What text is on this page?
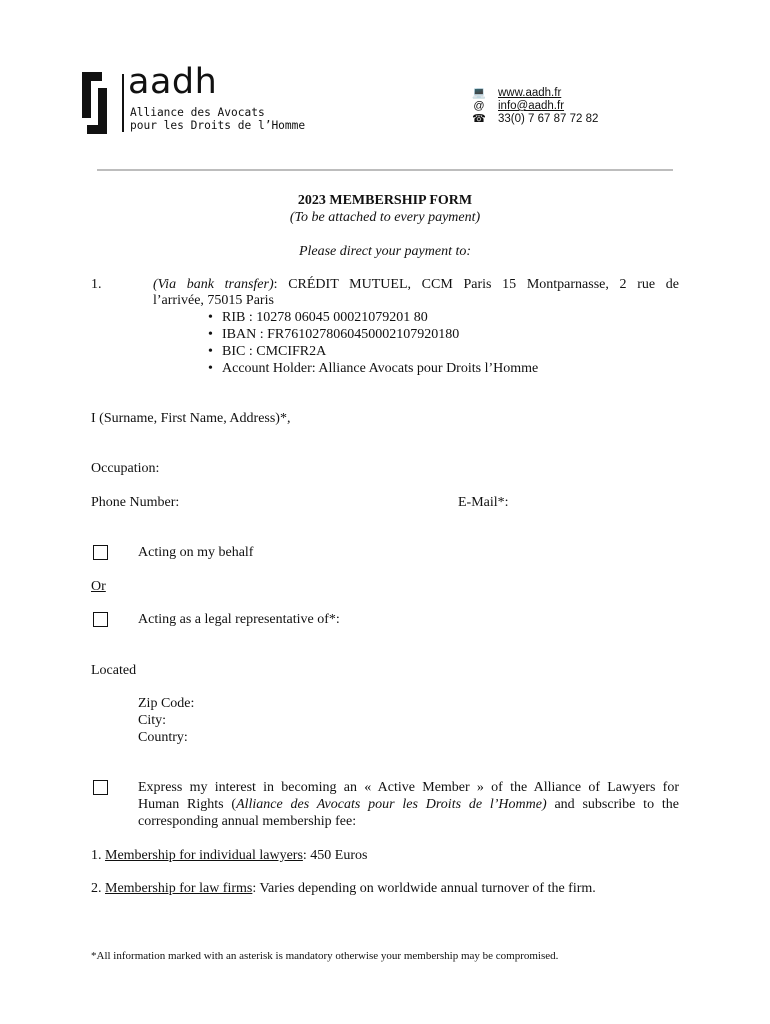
aadh
Alliance des Avocats
pour les Droits de l’Homme
💻	www.aadh.fr
@	info@aadh.fr
☎	33(0) 7 67 87 72 82
2023 MEMBERSHIP FORM
(To be attached to every payment)
Please direct your payment to:
1.	(Via bank transfer): CRÉDIT MUTUEL, CCM Paris 15 Montparnasse, 2 rue de
l’arrivée, 75015 Paris
• RIB : 10278 06045 00021079201 80
• IBAN : FR7610278060450002107920180
• BIC : CMCIFR2A
• Account Holder: Alliance Avocats pour Droits l’Homme
I (Surname, First Name, Address)*,
Occupation:
Phone Number:	E-Mail*:
Acting on my behalf
Or
Acting as a legal representative of*:
Located
Zip Code:
City:
Country:
Express my interest in becoming an « Active Member » of the Alliance of Lawyers for
Human Rights (Alliance des Avocats pour les Droits de l’Homme) and subscribe to the
corresponding annual membership fee:
1. Membership for individual lawyers: 450 Euros
2. Membership for law firms: Varies depending on worldwide annual turnover of the firm.
*All information marked with an asterisk is mandatory otherwise your membership may be compromised.
